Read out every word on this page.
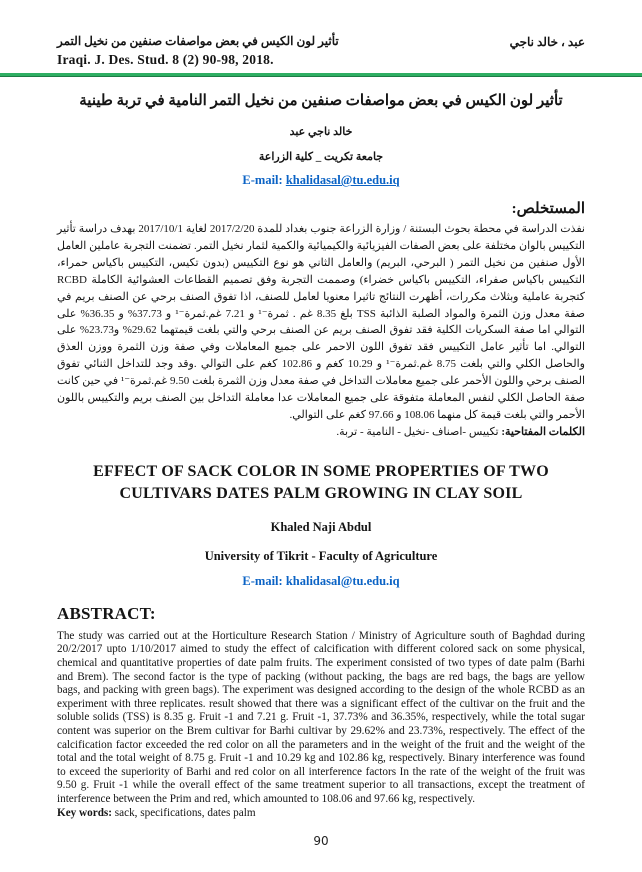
تأثير لون الكيس في بعض مواصفات صنفين من نخيل التمر
Iraqi. J. Des. Stud. 8 (2) 90-98, 2018.
عبد ، خالد ناجي
تأثير لون الكيس في بعض مواصفات صنفين من نخيل التمر النامية في تربة طينية
خالد ناجي عبد
جامعة تكريت _ كلية الزراعة
E-mail: khalidasal@tu.edu.iq
المستخلص:
نفذت الدراسة في محطة بحوث البستنة / وزارة الزراعة جنوب بغداد للمدة 2017/2/20 لغاية 2017/10/1 بهدف دراسة تأثير التكييس بالوان مختلفة على بعض الصفات الفيزيائية والكيميائية والكمية لثمار نخيل التمر. تضمنت التجربة عاملين العامل الأول صنفين من نخيل التمر ( البرحي، البريم) والعامل الثاني هو نوع التكييس (بدون تكيس، التكييس باكياس حمراء، التكييس باكياس صفراء، التكييس باكياس خضراء) وصممت التجربة وفق تصميم القطاعات العشوائية الكاملة RCBD كتجربة عاملية وبثلاث مكررات، أظهرت النتائج تاثيرا معنويا لعامل للصنف، اذا تفوق الصنف برحي عن الصنف بريم في صفة معدل وزن الثمرة والمواد الصلبة الذائبة TSS بلغ 8.35 غم . ثمرة⁻¹ و 7.21 غم.ثمرة⁻¹ و 37.73% و 36.35% على التوالي اما صفة السكريات الكلية فقد تفوق الصنف بريم عن الصنف برحي والتي بلغت قيمتهما 29.62% و23.73% على التوالي. اما تأثير عامل التكييس فقد تفوق اللون الاحمر على جميع المعاملات وفي صفة وزن الثمرة ووزن العذق والحاصل الكلي والتي بلغت 8.75 غم.ثمرة⁻¹ و 10.29 كغم و 102.86 كغم على التوالي .وقد وجد للتداخل الثنائي تفوق الصنف برحي واللون الأحمر على جميع معاملات التداخل في صفة معدل وزن الثمرة بلغت 9.50 غم.ثمرة⁻¹ في حين كانت صفة الحاصل الكلي لنفس المعاملة متفوقة على جميع المعاملات عدا معاملة التداخل بين الصنف بريم والتكييس باللون الأحمر والتي بلغت قيمة كل منهما 108.06 و 97.66 كغم على التوالي.
الكلمات المفتاحية: تكييس -اصناف -نخيل - النامية - تربة.
EFFECT OF SACK COLOR IN SOME PROPERTIES OF TWO CULTIVARS DATES PALM GROWING IN CLAY SOIL
Khaled Naji Abdul
University of Tikrit - Faculty of Agriculture
E-mail: khalidasal@tu.edu.iq
ABSTRACT:
The study was carried out at the Horticulture Research Station / Ministry of Agriculture south of Baghdad during 20/2/2017 upto 1/10/2017 aimed to study the effect of calcification with different colored sack on some physical, chemical and quantitative properties of date palm fruits. The experiment consisted of two types of date palm (Barhi and Brem). The second factor is the type of packing (without packing, the bags are red bags, the bags are yellow bags, and packing with green bags). The experiment was designed according to the design of the whole RCBD as an experiment with three replicates. result showed that there was a significant effect of the cultivar on the fruit and the soluble solids (TSS) is 8.35 g. Fruit -1 and 7.21 g. Fruit -1, 37.73% and 36.35%, respectively, while the total sugar content was superior on the Brem cultivar for Barhi cultivar by 29.62% and 23.73%, respectively. The effect of the calcification factor exceeded the red color on all the parameters and in the weight of the fruit and the weight of the total and the total weight of 8.75 g. Fruit -1 and 10.29 kg and 102.86 kg, respectively. Binary interference was found to exceed the superiority of Barhi and red color on all interference factors In the rate of the weight of the fruit was 9.50 g. Fruit -1 while the overall effect of the same treatment superior to all transactions, except the treatment of interference between the Prim and red, which amounted to 108.06 and 97.66 kg, respectively.
Key words: sack, specifications, dates palm
90
